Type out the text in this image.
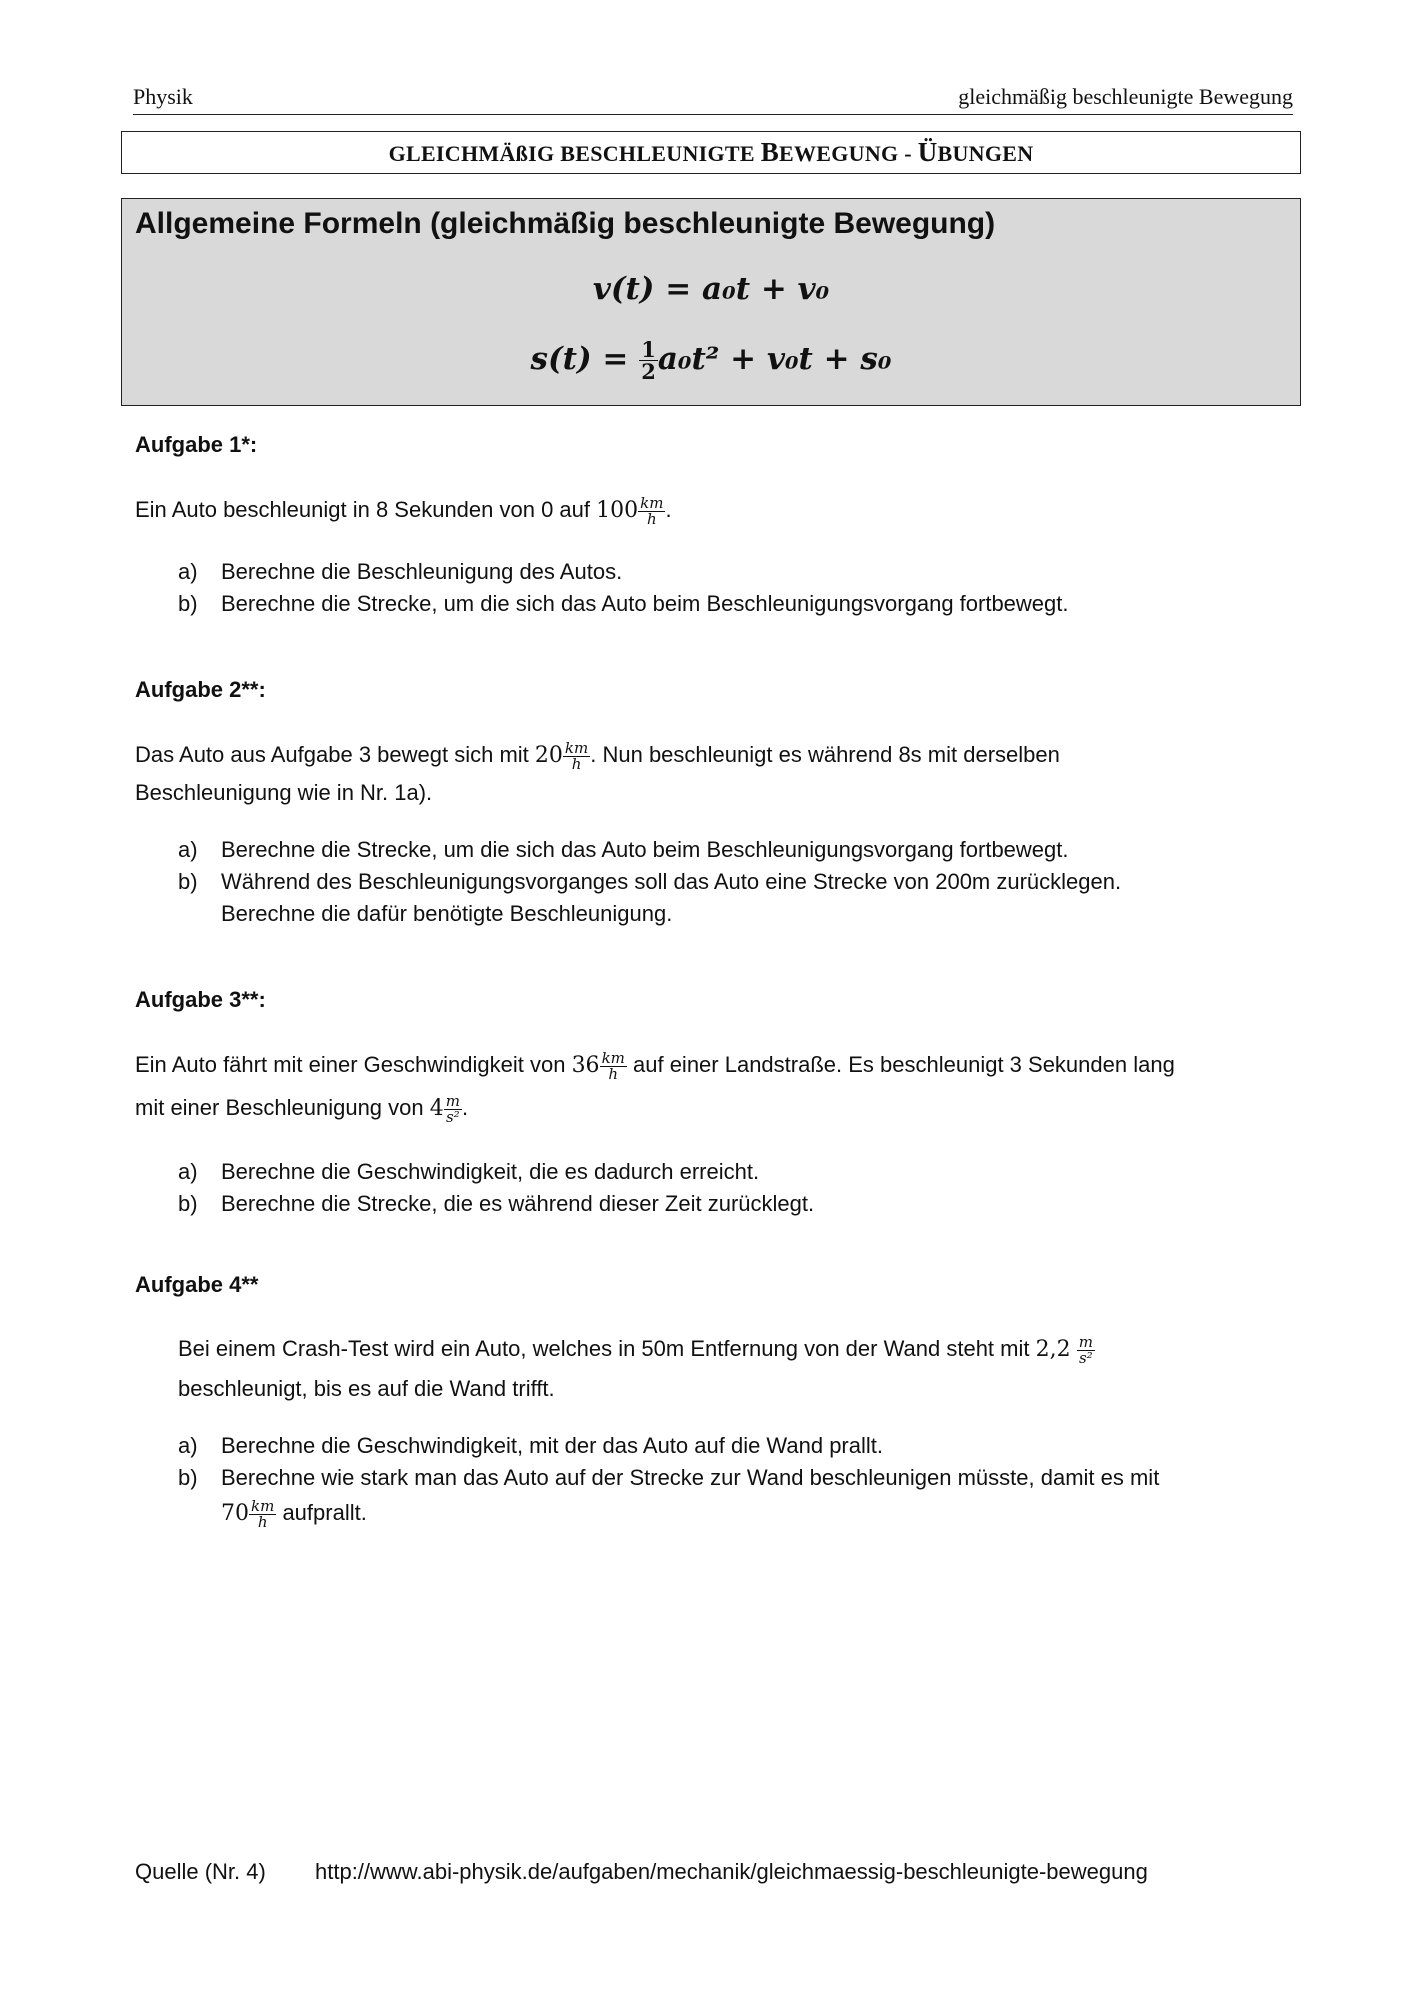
Physik	gleichmäßig beschleunigte Bewegung
GLEICHMÄßIG BESCHLEUNIGTE BEWEGUNG - ÜBUNGEN
Allgemeine Formeln (gleichmäßig beschleunigte Bewegung)
v(t) = a₀t + v₀
$s(t) = \frac{1}{2} a_0t^2 + v_0t + s_0$
Aufgabe 1*:
Ein Auto beschleunigt in 8 Sekunden von 0 auf $100 \frac{km}{h}$ .
a) Berechne die Beschleunigung des Autos.
b) Berechne die Strecke, um die sich das Auto beim Beschleunigungsvorgang fortbewegt.
Aufgabe 2**:
Das Auto aus Aufgabe 3 bewegt sich mit $20 \frac{km}{h}$ . Nun beschleunigt es während 8s mit derselben
Beschleunigung wie in Nr. 1a).
a) Berechne die Strecke, um die sich das Auto beim Beschleunigungsvorgang fortbewegt.
b) Während des Beschleunigungsvorganges soll das Auto eine Strecke von 200m zurücklegen.
Berechne die dafür benötigte Beschleunigung.
Aufgabe 3**:
Ein Auto fährt mit einer Geschwindigkeit von $36 \frac{km}{h}$ auf einer Landstraße. Es beschleunigt 3 Sekunden lang
mit einer Beschleunigung von $4 \frac{m}{\text{s²}}$ .
a) Berechne die Geschwindigkeit, die es dadurch erreicht.
b) Berechne die Strecke, die es während dieser Zeit zurücklegt.
Aufgabe 4**
Bei einem Crash-Test wird ein Auto, welches in 50m Entfernung von der Wand steht mit $2,2 \frac{m}{\text{s²}}$
beschleunigt, bis es auf die Wand trifft.
a) Berechne die Geschwindigkeit, mit der das Auto auf die Wand prallt.
b) Berechne wie stark man das Auto auf der Strecke zur Wand beschleunigen müsste, damit es mit
$70 \frac{km}{h}$ aufprallt.
Quelle (Nr. 4) http://www.abi-physik.de/aufgaben/mechanik/gleichmaessig-beschleunigte-bewegung
